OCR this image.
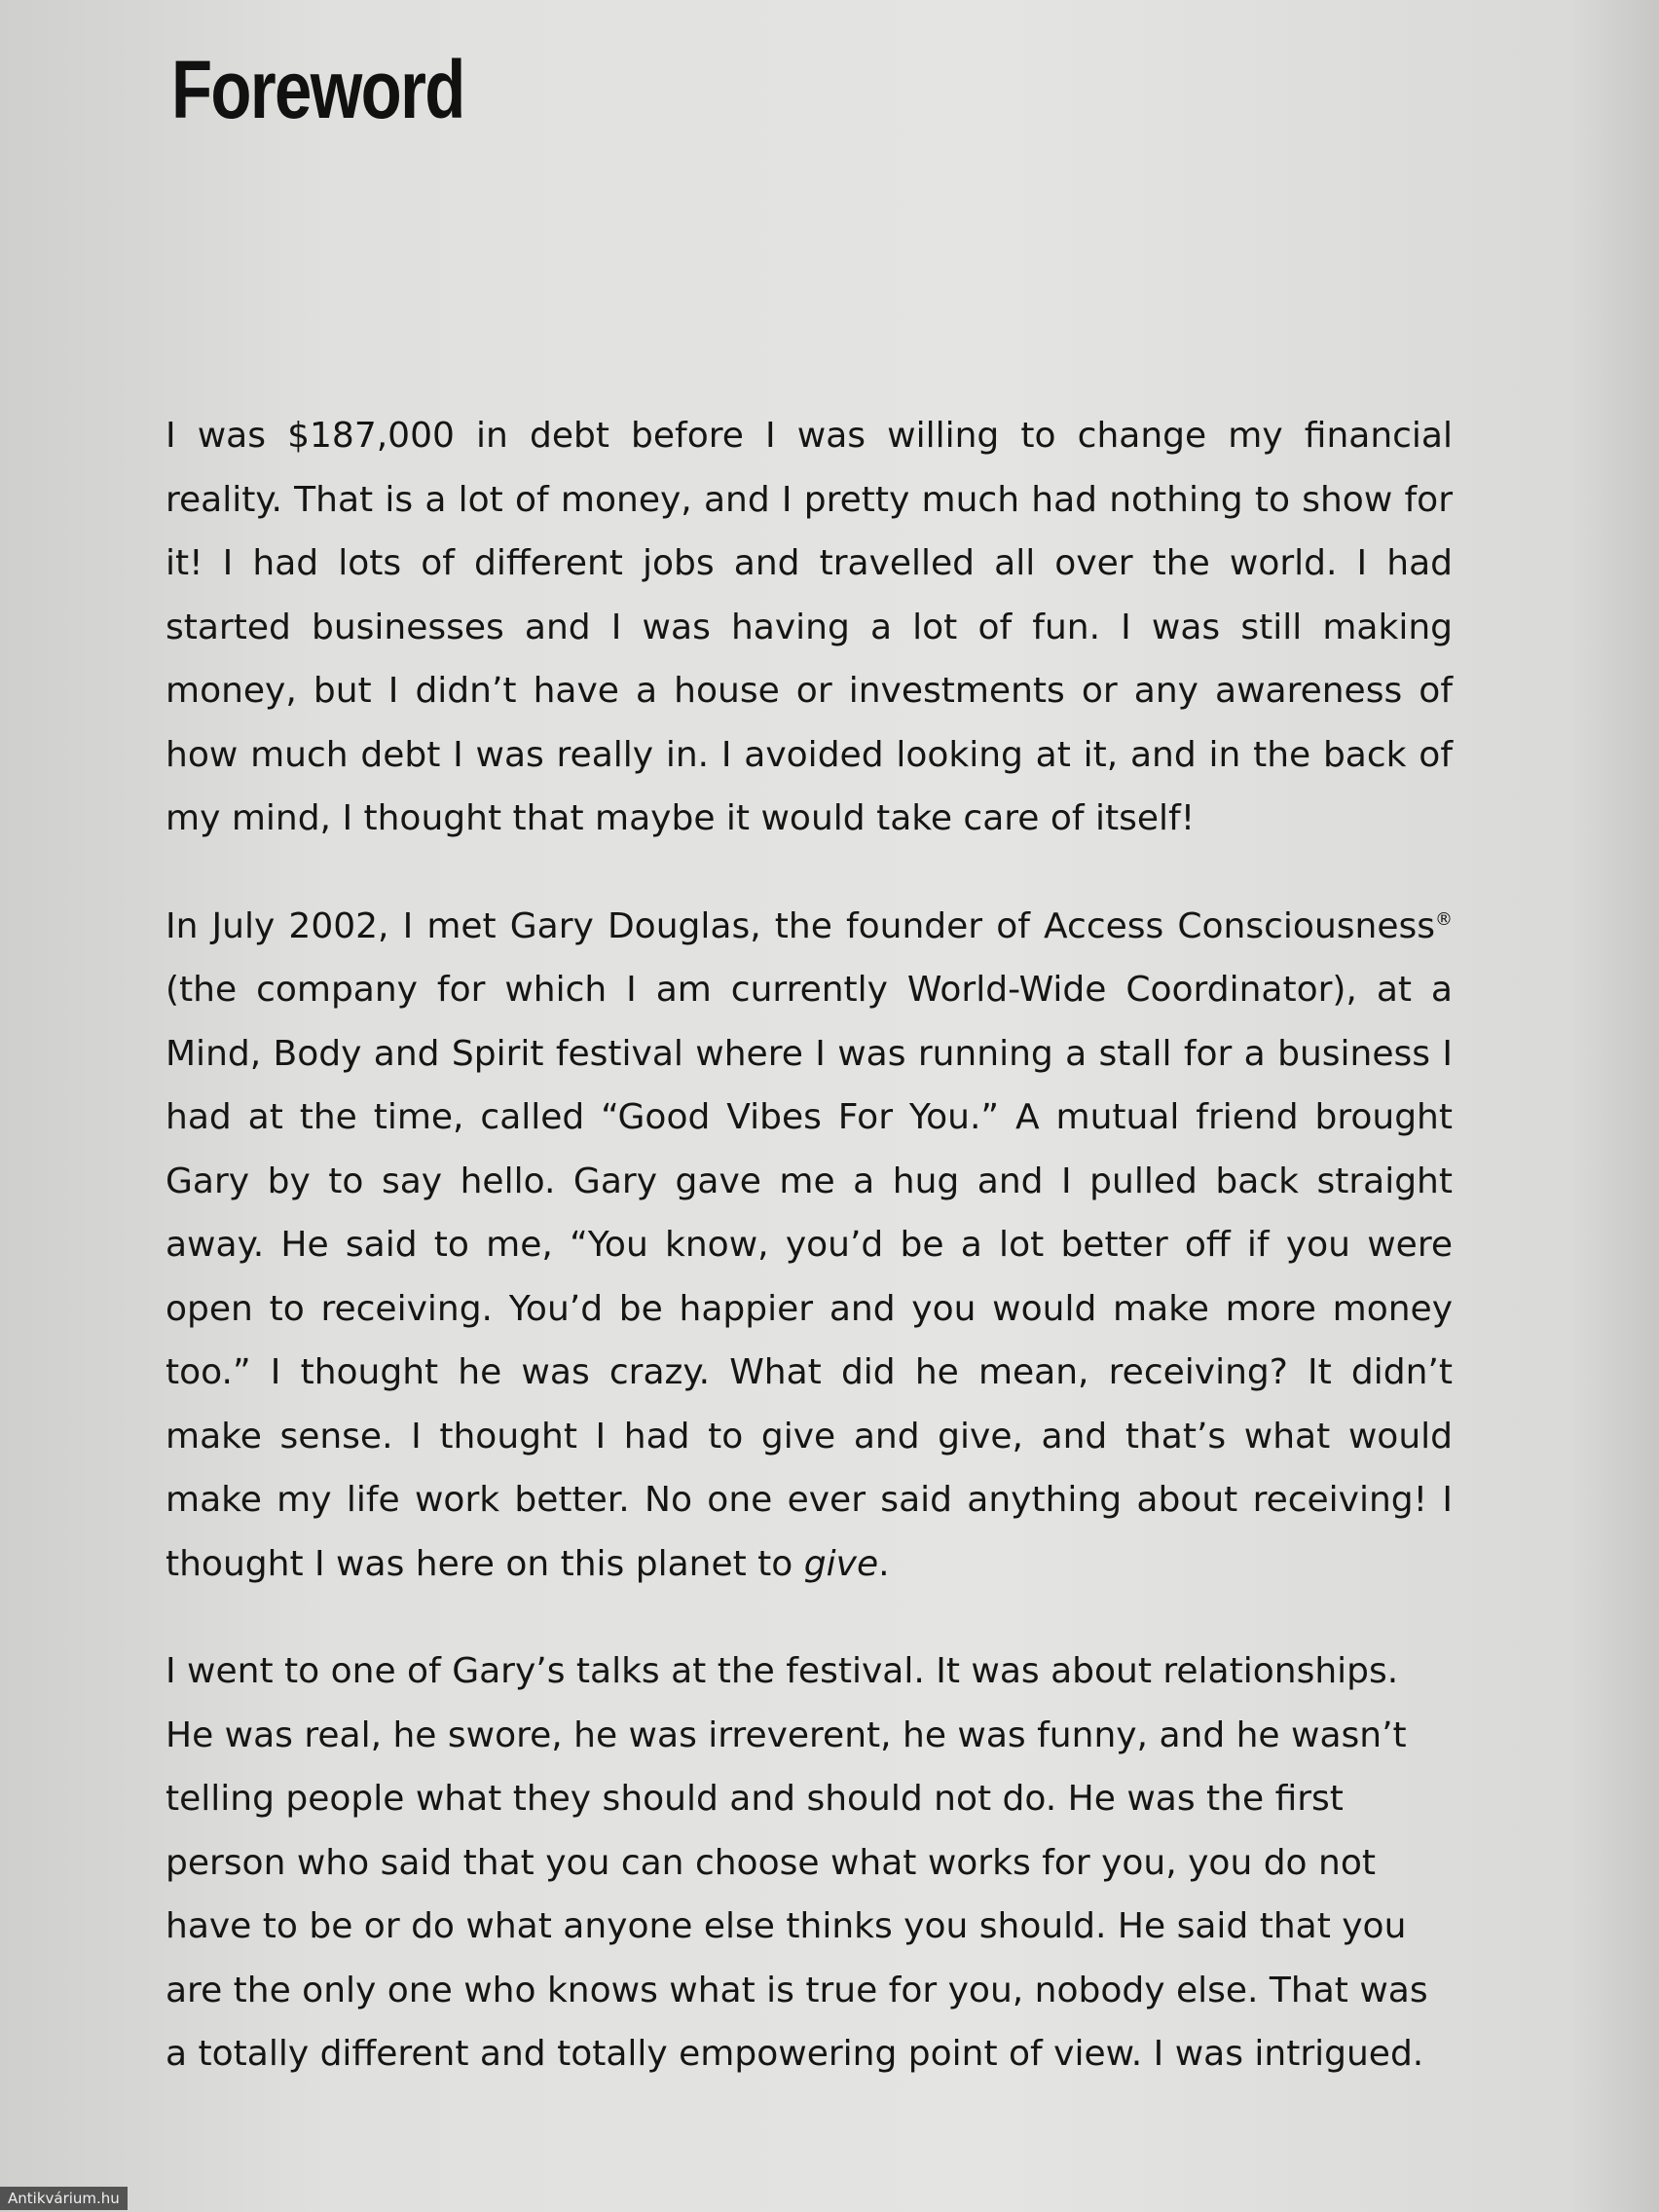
Foreword

I was $187,000 in debt before I was willing to change my financial reality. That is a lot of money, and I pretty much had nothing to show for it! I had lots of different jobs and travelled all over the world. I had started businesses and I was having a lot of fun. I was still making money, but I didn’t have a house or investments or any awareness of how much debt I was really in. I avoided looking at it, and in the back of my mind, I thought that maybe it would take care of itself!

In July 2002, I met Gary Douglas, the founder of Access Consciousness® (the company for which I am currently World-Wide Coordinator), at a Mind, Body and Spirit festival where I was running a stall for a business I had at the time, called “Good Vibes For You.” A mutual friend brought Gary by to say hello. Gary gave me a hug and I pulled back straight away. He said to me, “You know, you’d be a lot better off if you were open to receiving. You’d be happier and you would make more money too.” I thought he was crazy. What did he mean, receiving? It didn’t make sense. I thought I had to give and give, and that’s what would make my life work better. No one ever said anything about receiving! I thought I was here on this planet to give.

I went to one of Gary’s talks at the festival. It was about relationships. He was real, he swore, he was irreverent, he was funny, and he wasn’t telling people what they should and should not do. He was the first person who said that you can choose what works for you, you do not have to be or do what anyone else thinks you should. He said that you are the only one who knows what is true for you, nobody else. That was a totally different and totally empowering point of view. I was intrigued.

Antikvárium.hu
